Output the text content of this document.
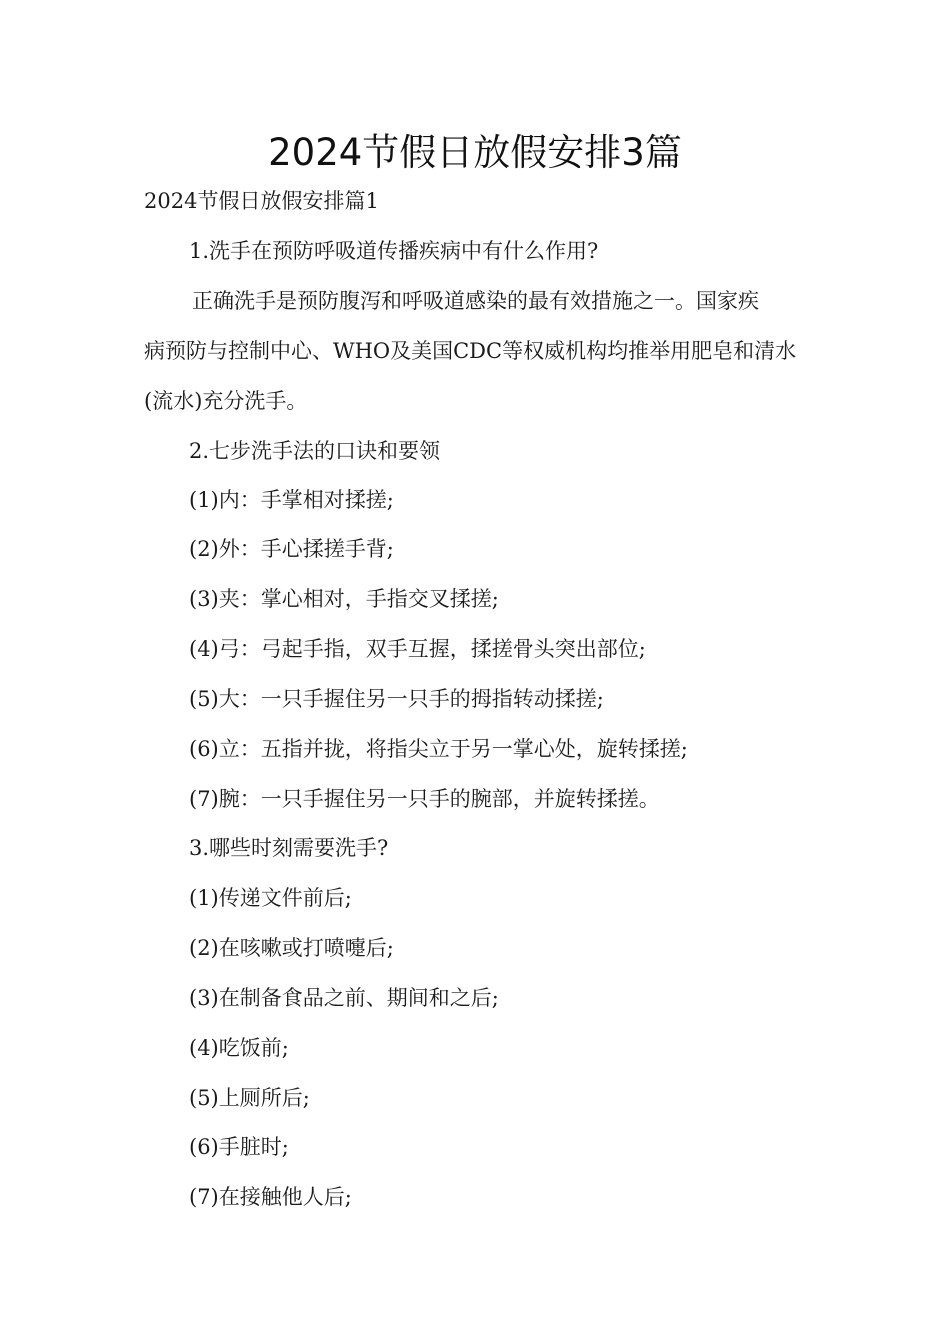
2024节假日放假安排3篇
2024节假日放假安排篇1
1.洗手在预防呼吸道传播疾病中有什么作用?
正确洗手是预防腹泻和呼吸道感染的最有效措施之一。国家疾
病预防与控制中心、WHO及美国CDC等权威机构均推举用肥皂和清水
(流水)充分洗手。
2.七步洗手法的口诀和要领
(1)内：手掌相对揉搓;
(2)外：手心揉搓手背;
(3)夹：掌心相对，手指交叉揉搓;
(4)弓：弓起手指，双手互握，揉搓骨头突出部位;
(5)大：一只手握住另一只手的拇指转动揉搓;
(6)立：五指并拢，将指尖立于另一掌心处，旋转揉搓;
(7)腕：一只手握住另一只手的腕部，并旋转揉搓。
3.哪些时刻需要洗手?
(1)传递文件前后;
(2)在咳嗽或打喷嚏后;
(3)在制备食品之前、期间和之后;
(4)吃饭前;
(5)上厕所后;
(6)手脏时;
(7)在接触他人后;
